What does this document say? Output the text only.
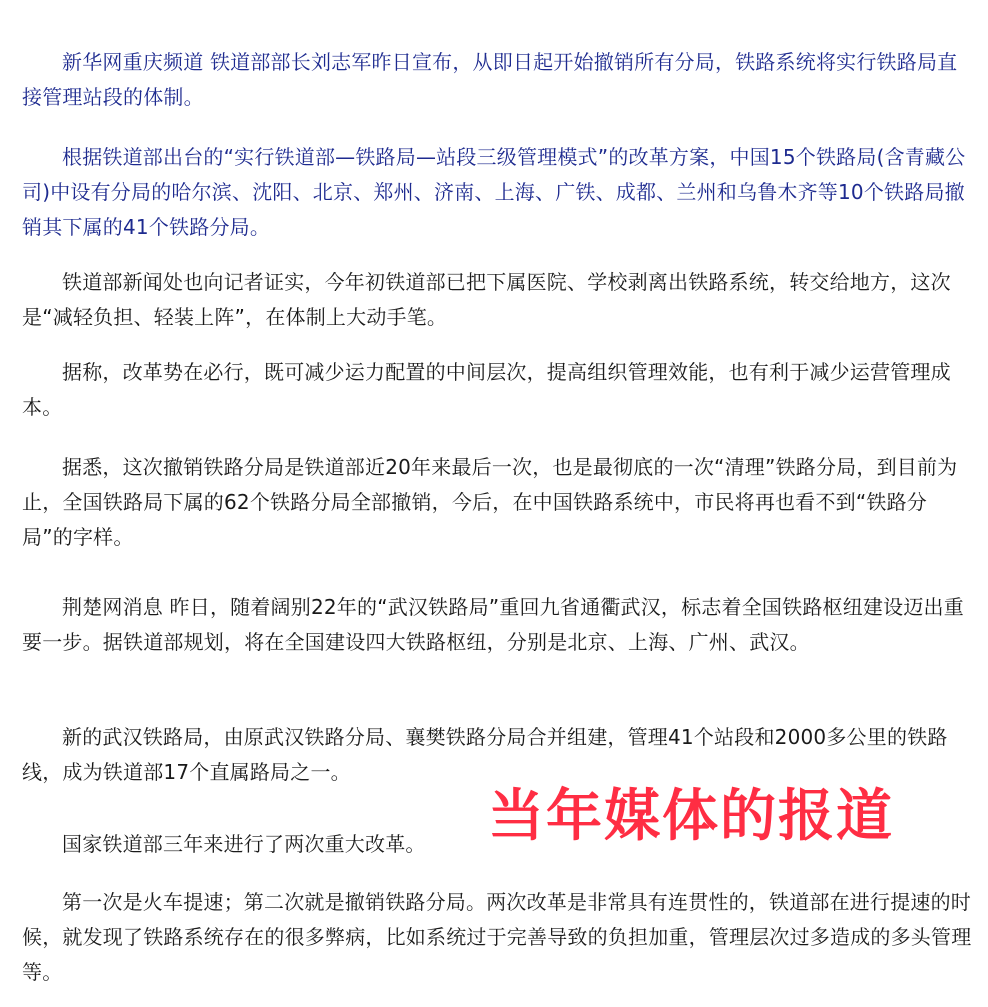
新华网重庆频道 铁道部部长刘志军昨日宣布，从即日起开始撤销所有分局，铁路系统将实行铁路局直接管理站段的体制。

根据铁道部出台的“实行铁道部—铁路局—站段三级管理模式”的改革方案，中国15个铁路局(含青藏公司)中设有分局的哈尔滨、沈阳、北京、郑州、济南、上海、广铁、成都、兰州和乌鲁木齐等10个铁路局撤销其下属的41个铁路分局。

铁道部新闻处也向记者证实，今年初铁道部已把下属医院、学校剥离出铁路系统，转交给地方，这次是“减轻负担、轻装上阵”，在体制上大动手笔。

据称，改革势在必行，既可减少运力配置的中间层次，提高组织管理效能，也有利于减少运营管理成本。

据悉，这次撤销铁路分局是铁道部近20年来最后一次，也是最彻底的一次“清理”铁路分局，到目前为止，全国铁路局下属的62个铁路分局全部撤销，今后，在中国铁路系统中，市民将再也看不到“铁路分局”的字样。

荆楚网消息 昨日，随着阔别22年的“武汉铁路局”重回九省通衢武汉，标志着全国铁路枢纽建设迈出重要一步。据铁道部规划，将在全国建设四大铁路枢纽，分别是北京、上海、广州、武汉。

新的武汉铁路局，由原武汉铁路分局、襄樊铁路分局合并组建，管理41个站段和2000多公里的铁路线，成为铁道部17个直属路局之一。

国家铁道部三年来进行了两次重大改革。

第一次是火车提速；第二次就是撤销铁路分局。两次改革是非常具有连贯性的，铁道部在进行提速的时候，就发现了铁路系统存在的很多弊病，比如系统过于完善导致的负担加重，管理层次过多造成的多头管理等。

当年媒体的报道
